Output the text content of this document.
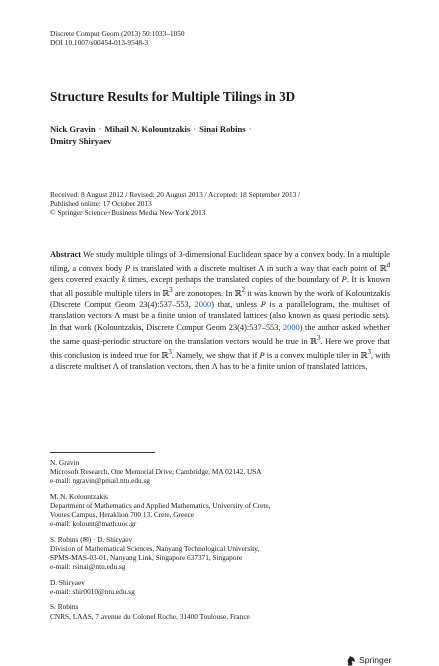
Discrete Comput Geom (2013) 50:1033–1050
DOI 10.1007/s00454-013-9548-3
Structure Results for Multiple Tilings in 3D
Nick Gravin · Mihail N. Kolountzakis · Sinai Robins ·
Dmitry Shiryaev
Received: 8 August 2012 / Revised: 20 August 2013 / Accepted: 18 September 2013 /
Published online: 17 October 2013
© Springer Science+Business Media New York 2013
Abstract We study multiple tilings of 3-dimensional Euclidean space by a convex body. In a multiple tiling, a convex body P is translated with a discrete multiset Λ in such a way that each point of ℝ$^d$ gets covered exactly k times, except perhaps the translated copies of the boundary of P. It is known that all possible multiple tilers in ℝ$^3$ are zonotopes. In ℝ$^2$ it was known by the work of Kolountzakis (Discrete Comput Geom 23(4):537–553, 2000) that, unless P is a parallelogram, the multiset of translation vectors Λ must be a finite union of translated lattices (also known as quasi periodic sets). In that work (Kolountzakis, Discrete Comput Geom 23(4):537–553, 2000) the author asked whether the same quasi-periodic structure on the translation vectors would be true in ℝ$^3$. Here we prove that this conclusion is indeed true for ℝ$^3$. Namely, we show that if P is a convex multiple tiler in ℝ$^3$, with a discrete multiset Λ of translation vectors, then Λ has to be a finite union of translated lattices,
N. Gravin
Microsoft Research, One Memorial Drive, Cambridge, MA 02142, USA
e-mail: ngravin@pmail.ntu.edu.sg
M. N. Kolountzakis
Department of Mathematics and Applied Mathematics, University of Crete,
Voutes Campus, Heraklion 700 13, Crete, Greece
e-mail: kolount@math.uoc.gr
S. Robins (✉) · D. Shiryaev
Division of Mathematical Sciences, Nanyang Technological University,
SPMS-MAS-03-01, Nanyang Link, Singapore 637371, Singapore
e-mail: rsinai@ntu.edu.sg
D. Shiryaev
e-mail: shir0010@ntu.edu.sg
S. Robins
CNRS, LAAS, 7 avenue du Colonel Roche, 31400 Toulouse, France
Springer
